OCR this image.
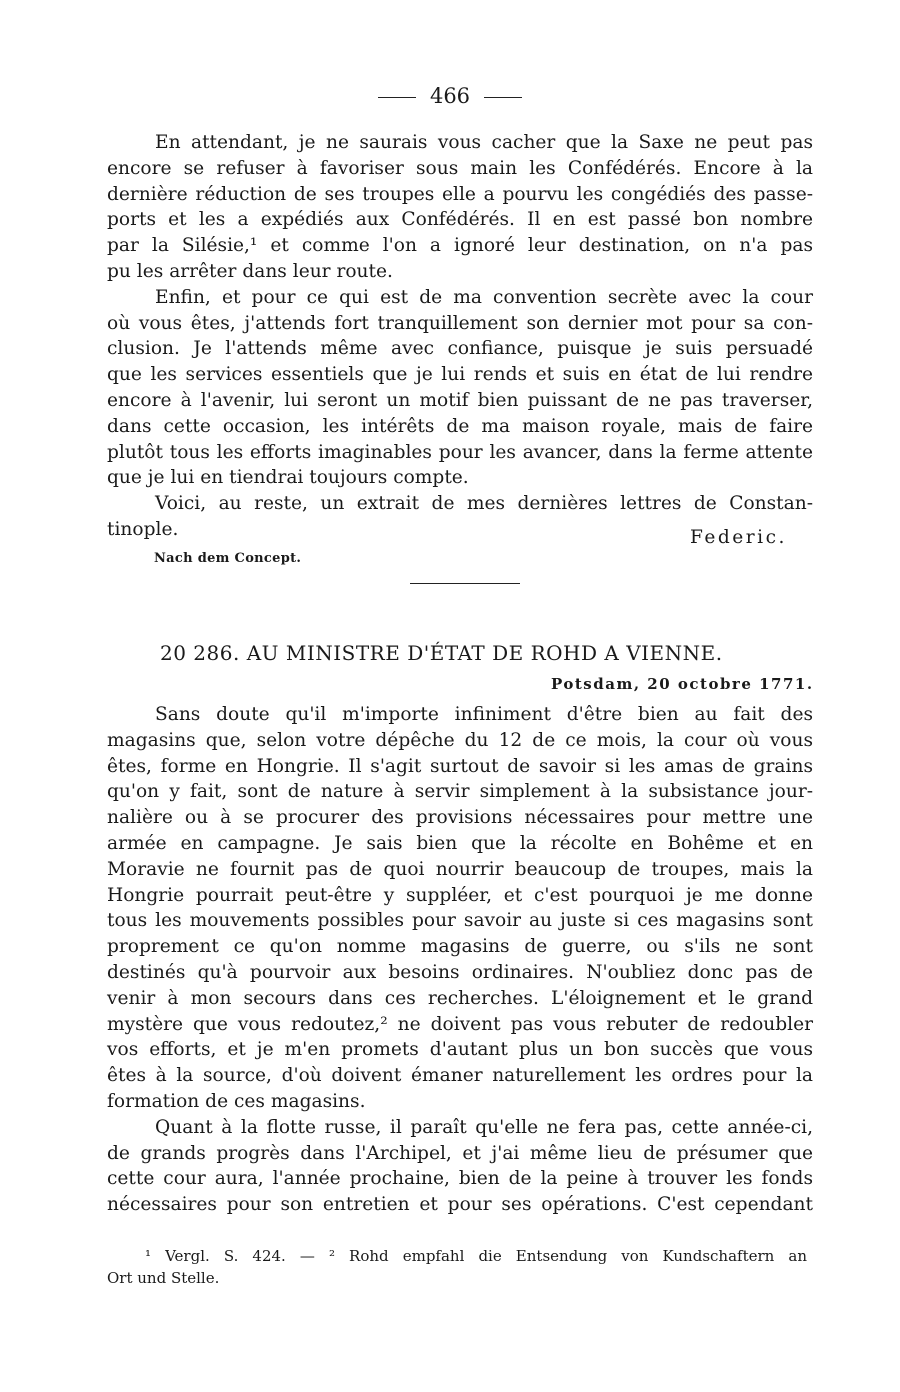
466
En attendant, je ne saurais vous cacher que la Saxe ne peut pas
encore se refuser à favoriser sous main les Confédérés. Encore à la
dernière réduction de ses troupes elle a pourvu les congédiés des passe-
ports et les a expédiés aux Confédérés. Il en est passé bon nombre
par la Silésie,¹ et comme l'on a ignoré leur destination, on n'a pas
pu les arrêter dans leur route.
Enfin, et pour ce qui est de ma convention secrète avec la cour
où vous êtes, j'attends fort tranquillement son dernier mot pour sa con-
clusion. Je l'attends même avec confiance, puisque je suis persuadé
que les services essentiels que je lui rends et suis en état de lui rendre
encore à l'avenir, lui seront un motif bien puissant de ne pas traverser,
dans cette occasion, les intérêts de ma maison royale, mais de faire
plutôt tous les efforts imaginables pour les avancer, dans la ferme attente
que je lui en tiendrai toujours compte.
Voici, au reste, un extrait de mes dernières lettres de Constan-
tinople.	Federic.
Nach dem Concept.
20 286. AU MINISTRE D'ÉTAT DE ROHD A VIENNE.
Potsdam, 20 octobre 1771.
Sans doute qu'il m'importe infiniment d'être bien au fait des
magasins que, selon votre dépêche du 12 de ce mois, la cour où vous
êtes, forme en Hongrie. Il s'agit surtout de savoir si les amas de grains
qu'on y fait, sont de nature à servir simplement à la subsistance jour-
nalière ou à se procurer des provisions nécessaires pour mettre une
armée en campagne. Je sais bien que la récolte en Bohême et en
Moravie ne fournit pas de quoi nourrir beaucoup de troupes, mais la
Hongrie pourrait peut-être y suppléer, et c'est pourquoi je me donne
tous les mouvements possibles pour savoir au juste si ces magasins sont
proprement ce qu'on nomme magasins de guerre, ou s'ils ne sont
destinés qu'à pourvoir aux besoins ordinaires. N'oubliez donc pas de
venir à mon secours dans ces recherches. L'éloignement et le grand
mystère que vous redoutez,² ne doivent pas vous rebuter de redoubler
vos efforts, et je m'en promets d'autant plus un bon succès que vous
êtes à la source, d'où doivent émaner naturellement les ordres pour la
formation de ces magasins.
Quant à la flotte russe, il paraît qu'elle ne fera pas, cette année-ci,
de grands progrès dans l'Archipel, et j'ai même lieu de présumer que
cette cour aura, l'année prochaine, bien de la peine à trouver les fonds
nécessaires pour son entretien et pour ses opérations. C'est cependant
¹ Vergl. S. 424. — ² Rohd empfahl die Entsendung von Kundschaftern an
Ort und Stelle.
